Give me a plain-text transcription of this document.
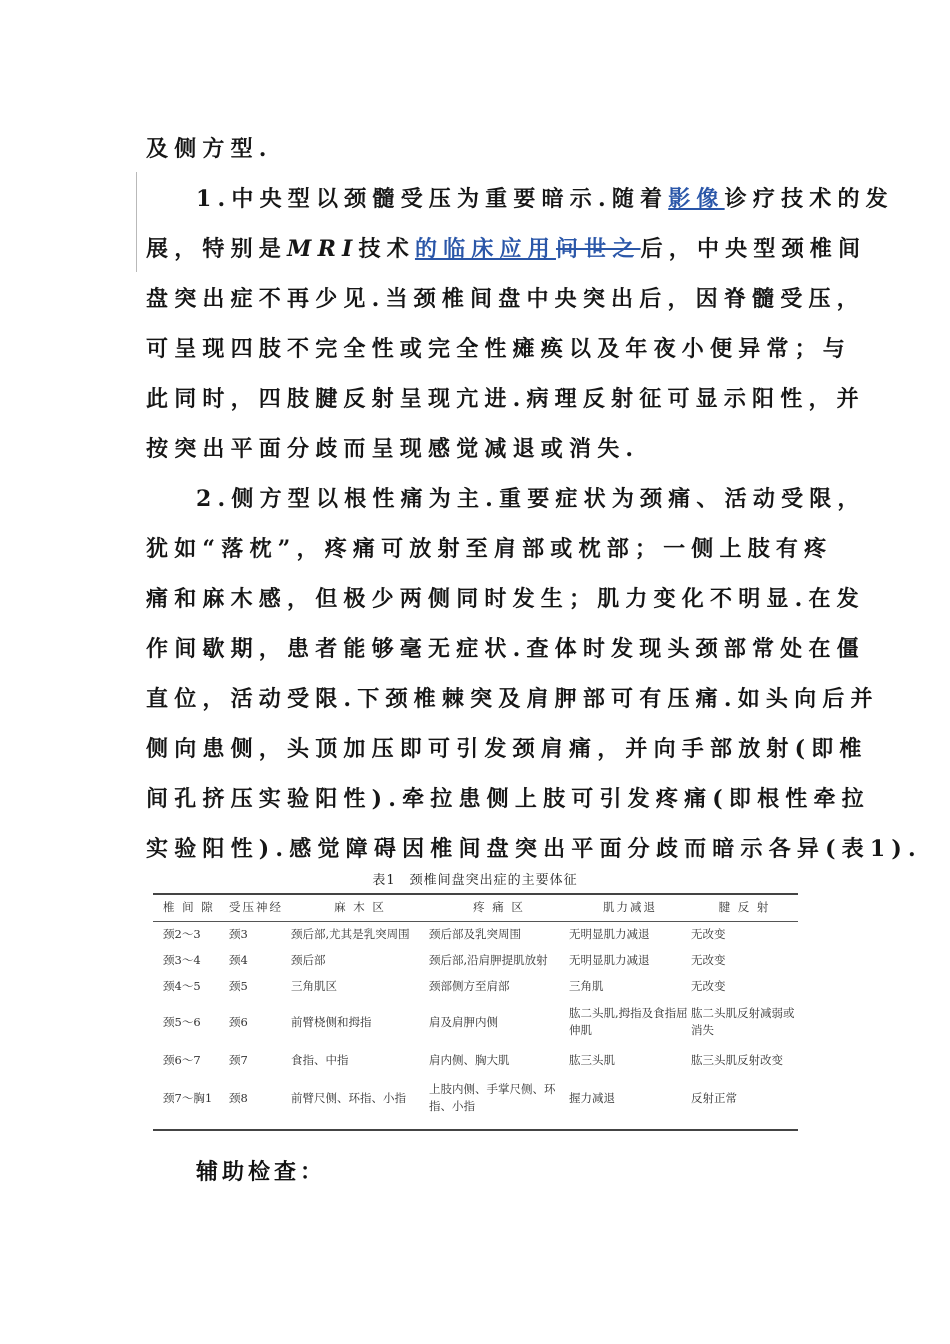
及侧方型.
1.中央型以颈髓受压为重要暗示.随着影像诊疗技术的发
展，特别是MRI技术的临床应用问世之后，中央型颈椎间
盘突出症不再少见.当颈椎间盘中央突出后，因脊髓受压，
可呈现四肢不完全性或完全性瘫痪以及年夜小便异常；与
此同时，四肢腱反射呈现亢进.病理反射征可显示阳性，并
按突出平面分歧而呈现感觉减退或消失.
2.侧方型以根性痛为主.重要症状为颈痛、活动受限，
犹如“落枕”，疼痛可放射至肩部或枕部；一侧上肢有疼
痛和麻木感，但极少两侧同时发生；肌力变化不明显.在发
作间歇期，患者能够毫无症状.查体时发现头颈部常处在僵
直位，活动受限.下颈椎棘突及肩胛部可有压痛.如头向后并
侧向患侧，头顶加压即可引发颈肩痛，并向手部放射(即椎
间孔挤压实验阳性).牵拉患侧上肢可引发疼痛(即根性牵拉
实验阳性).感觉障碍因椎间盘突出平面分歧而暗示各异(表1).
表1　颈椎间盘突出症的主要体征
椎 间 隙	受压神经	麻 木 区	疼 痛 区	肌力减退	腱 反 射
颈2～3	颈3	颈后部,尤其是乳突周围	颈后部及乳突周围	无明显肌力减退	无改变
颈3～4	颈4	颈后部	颈后部,沿肩胛提肌放射	无明显肌力减退	无改变
颈4～5	颈5	三角肌区	颈部侧方至肩部	三角肌	无改变
颈5～6	颈6	前臂桡侧和拇指	肩及肩胛内侧	肱二头肌,拇指及食指屈伸肌	肱二头肌反射减弱或消失
颈6～7	颈7	食指、中指	肩内侧、胸大肌	肱三头肌	肱三头肌反射改变
颈7～胸1	颈8	前臂尺侧、环指、小指	上肢内侧、手掌尺侧、环指、小指	握力减退	反射正常
辅助检查：
